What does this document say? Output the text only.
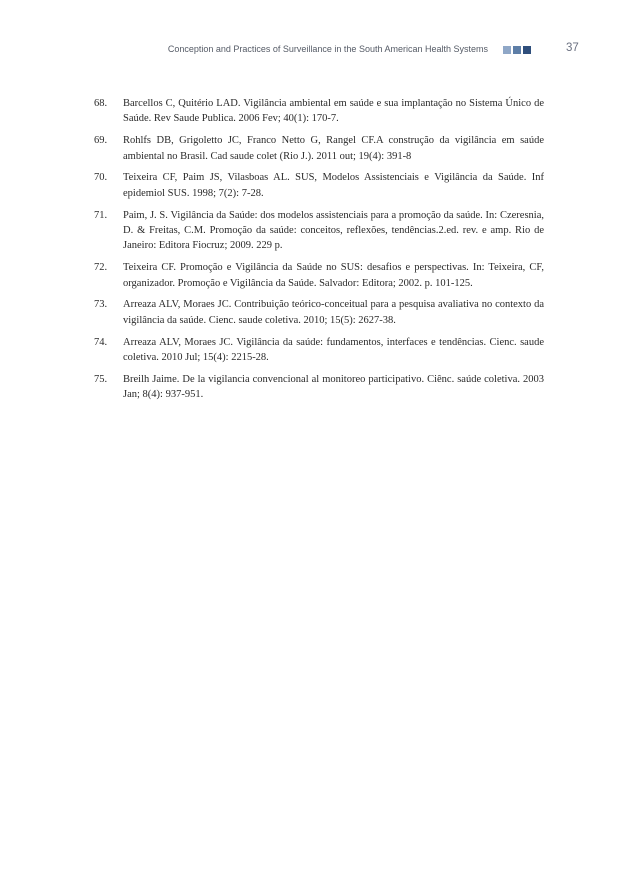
Conception and Practices of Surveillance in the South American Health Systems	37
68. Barcellos C, Quitério LAD. Vigilância ambiental em saúde e sua implantação no Sistema Único de Saúde. Rev Saude Publica. 2006 Fev; 40(1): 170-7.
69. Rohlfs DB, Grigoletto JC, Franco Netto G, Rangel CF.A construção da vigilância em saúde ambiental no Brasil. Cad saude colet (Rio J.). 2011 out; 19(4): 391-8
70. Teixeira CF, Paim JS, Vilasboas AL. SUS, Modelos Assistenciais e Vigilância da Saúde. Inf epidemiol SUS. 1998; 7(2): 7-28.
71. Paim, J. S. Vigilância da Saúde: dos modelos assistenciais para a promoção da saúde. In: Czeresnia, D. & Freitas, C.M. Promoção da saúde: conceitos, reflexões, tendências.2.ed. rev. e amp. Rio de Janeiro: Editora Fiocruz; 2009. 229 p.
72. Teixeira CF. Promoção e Vigilância da Saúde no SUS: desafios e perspectivas. In: Teixeira, CF, organizador. Promoção e Vigilância da Saúde. Salvador: Editora; 2002. p. 101-125.
73. Arreaza ALV, Moraes JC. Contribuição teórico-conceitual para a pesquisa avaliativa no contexto da vigilância da saúde. Cienc. saude coletiva. 2010; 15(5): 2627-38.
74. Arreaza ALV, Moraes JC. Vigilância da saúde: fundamentos, interfaces e tendências. Cienc. saude coletiva. 2010 Jul; 15(4): 2215-28.
75. Breilh Jaime. De la vigilancia convencional al monitoreo participativo. Ciênc. saúde coletiva. 2003 Jan; 8(4): 937-951.
